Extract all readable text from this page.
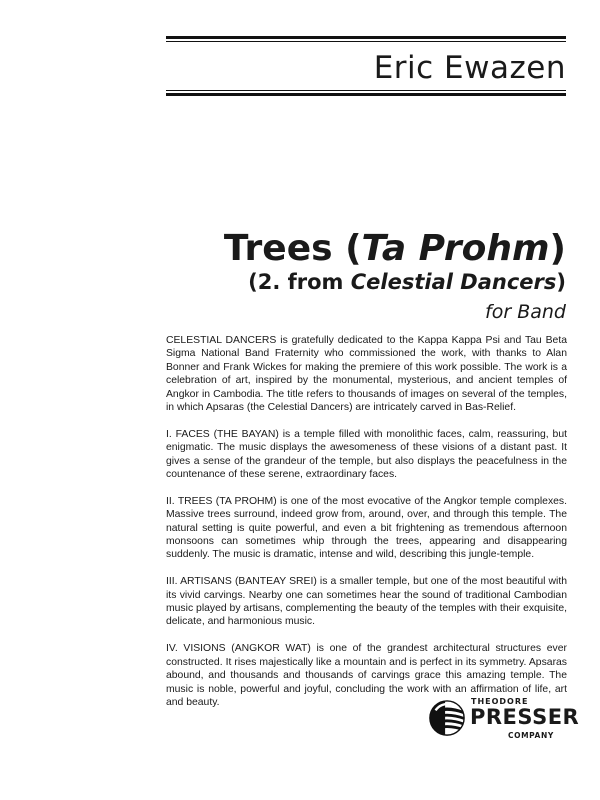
Eric Ewazen
Trees (Ta Prohm)
(2. from Celestial Dancers)
for Band

CELESTIAL DANCERS is gratefully dedicated to the Kappa Kappa Psi and Tau Beta Sigma National Band Fraternity who commissioned the work, with thanks to Alan Bonner and Frank Wickes for making the premiere of this work possible. The work is a celebration of art, inspired by the monumental, mysterious, and ancient temples of Angkor in Cambodia. The title refers to thousands of images on several of the temples, in which Apsaras (the Celestial Dancers) are intricately carved in Bas-Relief.

I. FACES (THE BAYAN) is a temple filled with monolithic faces, calm, reassuring, but enigmatic. The music displays the awesomeness of these visions of a distant past. It gives a sense of the grandeur of the temple, but also displays the peacefulness in the countenance of these serene, extraordinary faces.

II. TREES (TA PROHM) is one of the most evocative of the Angkor temple complexes. Massive trees surround, indeed grow from, around, over, and through this temple. The natural setting is quite powerful, and even a bit frightening as tremendous afternoon monsoons can sometimes whip through the trees, appearing and disappearing suddenly. The music is dramatic, intense and wild, describing this jungle-temple.

III. ARTISANS (BANTEAY SREI) is a smaller temple, but one of the most beautiful with its vivid carvings. Nearby one can sometimes hear the sound of traditional Cambodian music played by artisans, complementing the beauty of the temples with their exquisite, delicate, and harmonious music.

IV. VISIONS (ANGKOR WAT) is one of the grandest architectural structures ever constructed. It rises majestically like a mountain and is perfect in its symmetry. Apsaras abound, and thousands and thousands of carvings grace this amazing temple. The music is noble, powerful and joyful, concluding the work with an affirmation of life, art and beauty.	THEODORE
PRESSER
COMPANY
